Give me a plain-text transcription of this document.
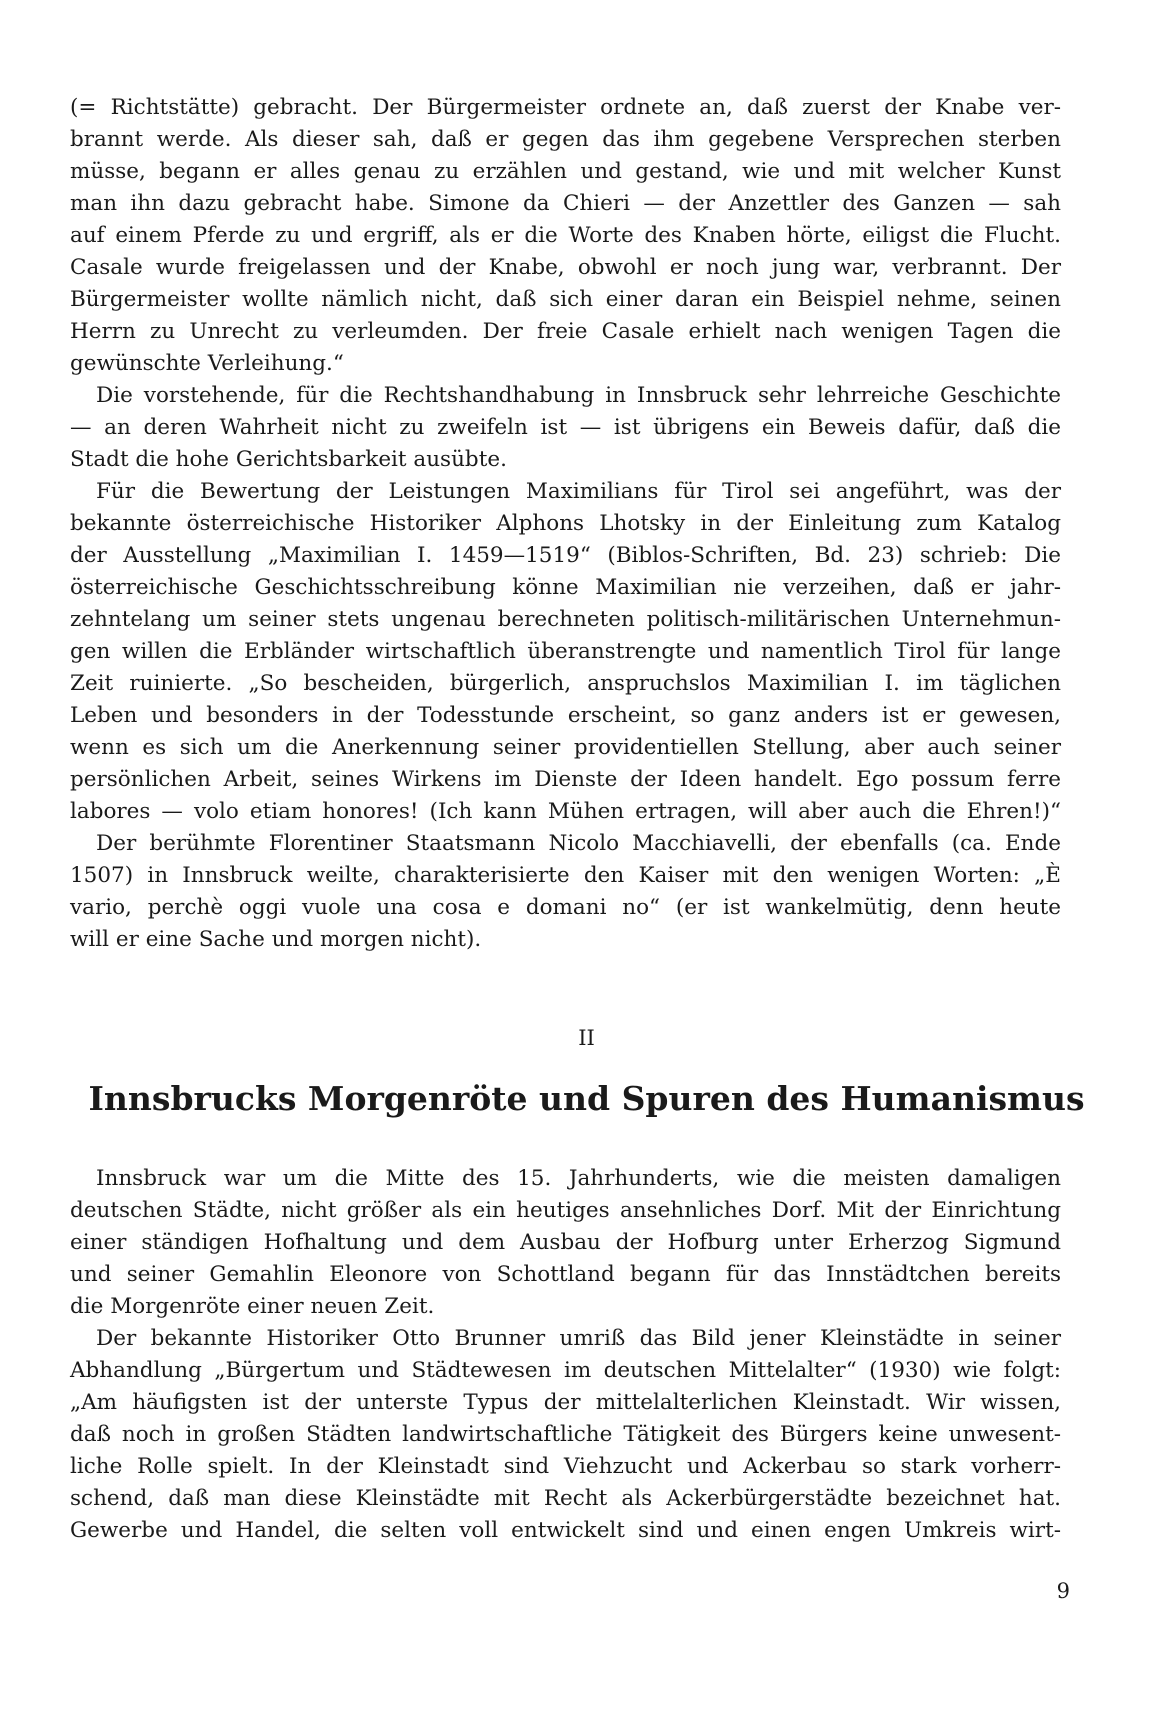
(= Richtstätte) gebracht. Der Bürgermeister ordnete an, daß zuerst der Knabe ver-
brannt werde. Als dieser sah, daß er gegen das ihm gegebene Versprechen sterben
müsse, begann er alles genau zu erzählen und gestand, wie und mit welcher Kunst
man ihn dazu gebracht habe. Simone da Chieri — der Anzettler des Ganzen — sah
auf einem Pferde zu und ergriff, als er die Worte des Knaben hörte, eiligst die Flucht.
Casale wurde freigelassen und der Knabe, obwohl er noch jung war, verbrannt. Der
Bürgermeister wollte nämlich nicht, daß sich einer daran ein Beispiel nehme, seinen
Herrn zu Unrecht zu verleumden. Der freie Casale erhielt nach wenigen Tagen die
gewünschte Verleihung.“
Die vorstehende, für die Rechtshandhabung in Innsbruck sehr lehrreiche Geschichte
— an deren Wahrheit nicht zu zweifeln ist — ist übrigens ein Beweis dafür, daß die
Stadt die hohe Gerichtsbarkeit ausübte.
Für die Bewertung der Leistungen Maximilians für Tirol sei angeführt, was der
bekannte österreichische Historiker Alphons Lhotsky in der Einleitung zum Katalog
der Ausstellung „Maximilian I. 1459—1519“ (Biblos-Schriften, Bd. 23) schrieb: Die
österreichische Geschichtsschreibung könne Maximilian nie verzeihen, daß er jahr-
zehntelang um seiner stets ungenau berechneten politisch-militärischen Unternehmun-
gen willen die Erbländer wirtschaftlich überanstrengte und namentlich Tirol für lange
Zeit ruinierte. „So bescheiden, bürgerlich, anspruchslos Maximilian I. im täglichen
Leben und besonders in der Todesstunde erscheint, so ganz anders ist er gewesen,
wenn es sich um die Anerkennung seiner providentiellen Stellung, aber auch seiner
persönlichen Arbeit, seines Wirkens im Dienste der Ideen handelt. Ego possum ferre
labores — volo etiam honores! (Ich kann Mühen ertragen, will aber auch die Ehren!)“
Der berühmte Florentiner Staatsmann Nicolo Macchiavelli, der ebenfalls (ca. Ende
1507) in Innsbruck weilte, charakterisierte den Kaiser mit den wenigen Worten: „È
vario, perchè oggi vuole una cosa e domani no“ (er ist wankelmütig, denn heute
will er eine Sache und morgen nicht).
II
Innsbrucks Morgenröte und Spuren des Humanismus
Innsbruck war um die Mitte des 15. Jahrhunderts, wie die meisten damaligen
deutschen Städte, nicht größer als ein heutiges ansehnliches Dorf. Mit der Einrichtung
einer ständigen Hofhaltung und dem Ausbau der Hofburg unter Erherzog Sigmund
und seiner Gemahlin Eleonore von Schottland begann für das Innstädtchen bereits
die Morgenröte einer neuen Zeit.
Der bekannte Historiker Otto Brunner umriß das Bild jener Kleinstädte in seiner
Abhandlung „Bürgertum und Städtewesen im deutschen Mittelalter“ (1930) wie folgt:
„Am häufigsten ist der unterste Typus der mittelalterlichen Kleinstadt. Wir wissen,
daß noch in großen Städten landwirtschaftliche Tätigkeit des Bürgers keine unwesent-
liche Rolle spielt. In der Kleinstadt sind Viehzucht und Ackerbau so stark vorherr-
schend, daß man diese Kleinstädte mit Recht als Ackerbürgerstädte bezeichnet hat.
Gewerbe und Handel, die selten voll entwickelt sind und einen engen Umkreis wirt-
9
